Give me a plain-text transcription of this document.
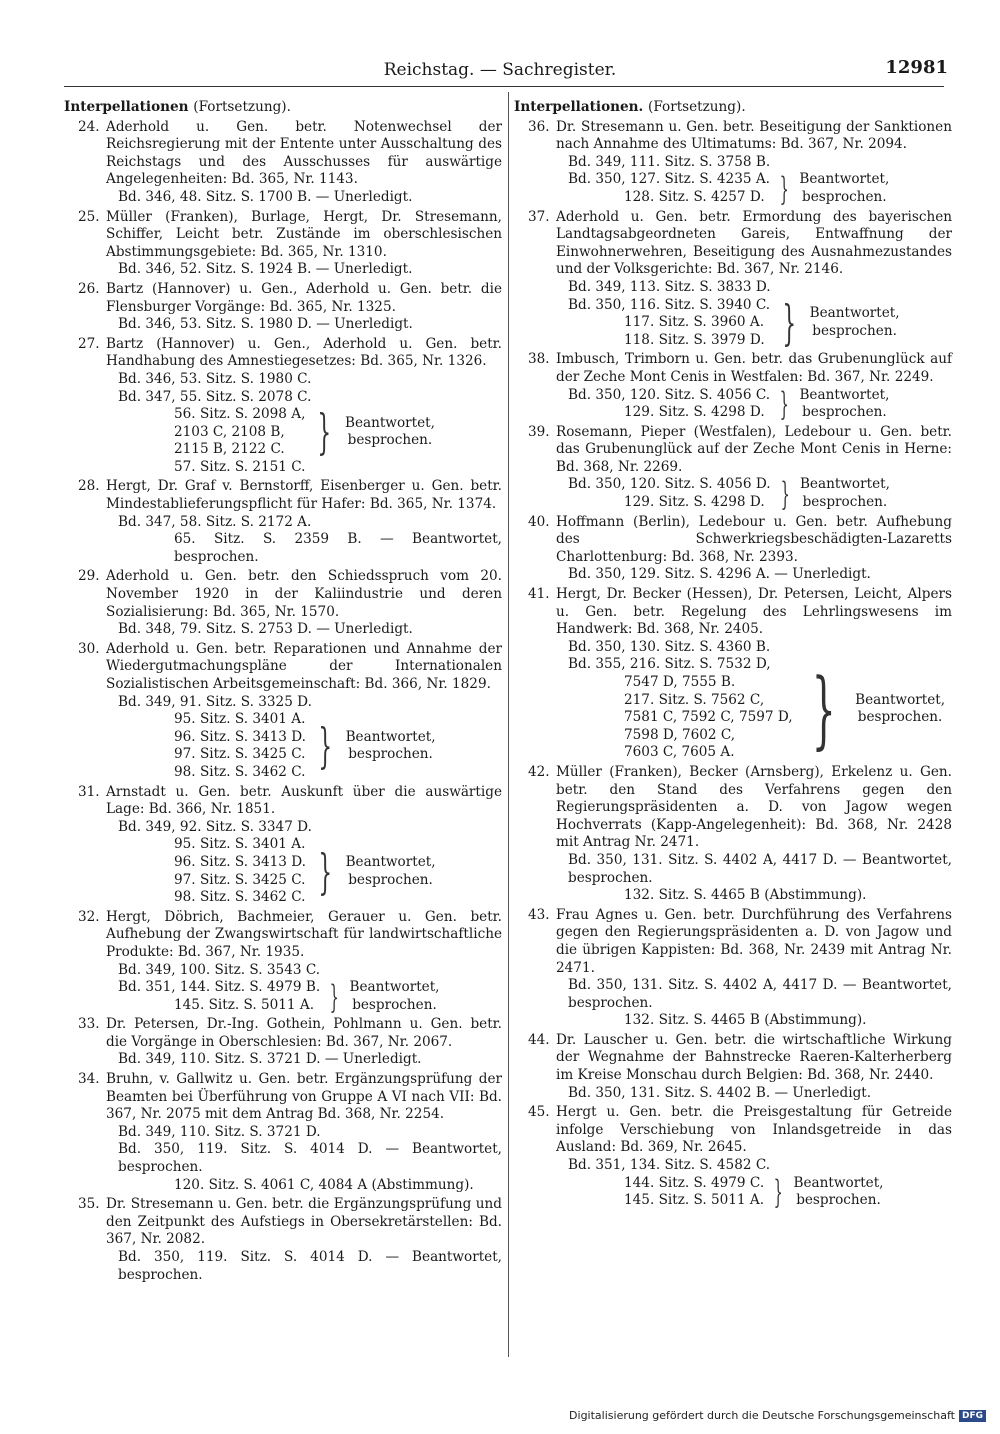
Reichstag. — Sachregister.	12981
Interpellationen (Fortsetzung).
24. Aderhold u. Gen. betr. Notenwechsel der Reichsregierung mit der Entente unter Ausschaltung des Reichstags und des Ausschusses für auswärtige Angelegenheiten: Bd. 365, Nr. 1143.
Bd. 346, 48. Sitz. S. 1700 B. — Unerledigt.
25. Müller (Franken), Burlage, Hergt, Dr. Stresemann, Schiffer, Leicht betr. Zustände im oberschlesischen Abstimmungsgebiete: Bd. 365, Nr. 1310.
Bd. 346, 52. Sitz. S. 1924 B. — Unerledigt.
26. Bartz (Hannover) u. Gen., Aderhold u. Gen. betr. die Flensburger Vorgänge: Bd. 365, Nr. 1325.
Bd. 346, 53. Sitz. S. 1980 D. — Unerledigt.
27. Bartz (Hannover) u. Gen., Aderhold u. Gen. betr. Handhabung des Amnestiegesetzes: Bd. 365, Nr. 1326.
Bd. 346, 53. Sitz. S. 1980 C.
Bd. 347, 55. Sitz. S. 2078 C.
56. Sitz. S. 2098 A,
2103 C, 2108 B,
2115 B, 2122 C. } Beantwortet, besprochen.
57. Sitz. S. 2151 C.
28. Hergt, Dr. Graf v. Bernstorff, Eisenberger u. Gen. betr. Mindestablieferungspflicht für Hafer: Bd. 365, Nr. 1374.
Bd. 347, 58. Sitz. S. 2172 A.
65. Sitz. S. 2359 B. — Beantwortet, besprochen.
29. Aderhold u. Gen. betr. den Schiedsspruch vom 20. November 1920 in der Kaliindustrie und deren Sozialisierung: Bd. 365, Nr. 1570.
Bd. 348, 79. Sitz. S. 2753 D. — Unerledigt.
30. Aderhold u. Gen. betr. Reparationen und Annahme der Wiedergutmachungspläne der Internationalen Sozialistischen Arbeitsgemeinschaft: Bd. 366, Nr. 1829.
Bd. 349, 91. Sitz. S. 3325 D.
95. Sitz. S. 3401 A.
96. Sitz. S. 3413 D.
97. Sitz. S. 3425 C.
98. Sitz. S. 3462 C. } Beantwortet, besprochen.
31. Arnstadt u. Gen. betr. Auskunft über die auswärtige Lage: Bd. 366, Nr. 1851.
Bd. 349, 92. Sitz. S. 3347 D.
95. Sitz. S. 3401 A.
96. Sitz. S. 3413 D.
97. Sitz. S. 3425 C.
98. Sitz. S. 3462 C. } Beantwortet, besprochen.
32. Hergt, Döbrich, Bachmeier, Gerauer u. Gen. betr. Aufhebung der Zwangswirtschaft für landwirtschaftliche Produkte: Bd. 367, Nr. 1935.
Bd. 349, 100. Sitz. S. 3543 C.
Bd. 351, 144. Sitz. S. 4979 B.
145. Sitz. S. 5011 A. } Beantwortet, besprochen.
33. Dr. Petersen, Dr.-Ing. Gothein, Pohlmann u. Gen. betr. die Vorgänge in Oberschlesien: Bd. 367, Nr. 2067.
Bd. 349, 110. Sitz. S. 3721 D. — Unerledigt.
34. Bruhn, v. Gallwitz u. Gen. betr. Ergänzungsprüfung der Beamten bei Überführung von Gruppe A VI nach VII: Bd. 367, Nr. 2075 mit dem Antrag Bd. 368, Nr. 2254.
Bd. 349, 110. Sitz. S. 3721 D.
Bd. 350, 119. Sitz. S. 4014 D. — Beantwortet, besprochen.
120. Sitz. S. 4061 C, 4084 A (Abstimmung).
35. Dr. Stresemann u. Gen. betr. die Ergänzungsprüfung und den Zeitpunkt des Aufstiegs in Obersekretärstellen: Bd. 367, Nr. 2082.
Bd. 350, 119. Sitz. S. 4014 D. — Beantwortet, besprochen.
Interpellationen. (Fortsetzung).
36. Dr. Stresemann u. Gen. betr. Beseitigung der Sanktionen nach Annahme des Ultimatums: Bd. 367, Nr. 2094.
Bd. 349, 111. Sitz. S. 3758 B.
Bd. 350, 127. Sitz. S. 4235 A.
128. Sitz. S. 4257 D. } Beantwortet, besprochen.
37. Aderhold u. Gen. betr. Ermordung des bayerischen Landtagsabgeordneten Gareis, Entwaffnung der Einwohnerwehren, Beseitigung des Ausnahmezustandes und der Volksgerichte: Bd. 367, Nr. 2146.
Bd. 349, 113. Sitz. S. 3833 D.
Bd. 350, 116. Sitz. S. 3940 C.
117. Sitz. S. 3960 A.
118. Sitz. S. 3979 D. } Beantwortet, besprochen.
38. Imbusch, Trimborn u. Gen. betr. das Grubenunglück auf der Zeche Mont Cenis in Westfalen: Bd. 367, Nr. 2249.
Bd. 350, 120. Sitz. S. 4056 C.
129. Sitz. S. 4298 D. } Beantwortet, besprochen.
39. Rosemann, Pieper (Westfalen), Ledebour u. Gen. betr. das Grubenunglück auf der Zeche Mont Cenis in Herne: Bd. 368, Nr. 2269.
Bd. 350, 120. Sitz. S. 4056 D.
129. Sitz. S. 4298 D. } Beantwortet, besprochen.
40. Hoffmann (Berlin), Ledebour u. Gen. betr. Aufhebung des Schwerkriegsbeschädigten-Lazaretts Charlottenburg: Bd. 368, Nr. 2393.
Bd. 350, 129. Sitz. S. 4296 A. — Unerledigt.
41. Hergt, Dr. Becker (Hessen), Dr. Petersen, Leicht, Alpers u. Gen. betr. Regelung des Lehrlingswesens im Handwerk: Bd. 368, Nr. 2405.
Bd. 350, 130. Sitz. S. 4360 B.
Bd. 355, 216. Sitz. S. 7532 D,
7547 D, 7555 B.
217. Sitz. S. 7562 C,
7581 C, 7592 C, 7597 D,
7598 D, 7602 C,
7603 C, 7605 A. } Beantwortet, besprochen.
42. Müller (Franken), Becker (Arnsberg), Erkelenz u. Gen. betr. den Stand des Verfahrens gegen den Regierungspräsidenten a. D. von Jagow wegen Hochverrats (Kapp-Angelegenheit): Bd. 368, Nr. 2428 mit Antrag Nr. 2471.
Bd. 350, 131. Sitz. S. 4402 A, 4417 D. — Beantwortet, besprochen.
132. Sitz. S. 4465 B (Abstimmung).
43. Frau Agnes u. Gen. betr. Durchführung des Verfahrens gegen den Regierungspräsidenten a. D. von Jagow und die übrigen Kappisten: Bd. 368, Nr. 2439 mit Antrag Nr. 2471.
Bd. 350, 131. Sitz. S. 4402 A, 4417 D. — Beantwortet, besprochen.
132. Sitz. S. 4465 B (Abstimmung).
44. Dr. Lauscher u. Gen. betr. die wirtschaftliche Wirkung der Wegnahme der Bahnstrecke Raeren-Kalterherberg im Kreise Monschau durch Belgien: Bd. 368, Nr. 2440.
Bd. 350, 131. Sitz. S. 4402 B. — Unerledigt.
45. Hergt u. Gen. betr. die Preisgestaltung für Getreide infolge Verschiebung von Inlandsgetreide in das Ausland: Bd. 369, Nr. 2645.
Bd. 351, 134. Sitz. S. 4582 C.
144. Sitz. S. 4979 C.
145. Sitz. S. 5011 A. } Beantwortet, besprochen.
Digitalisierung gefördert durch die Deutsche Forschungsgemeinschaft DFG
